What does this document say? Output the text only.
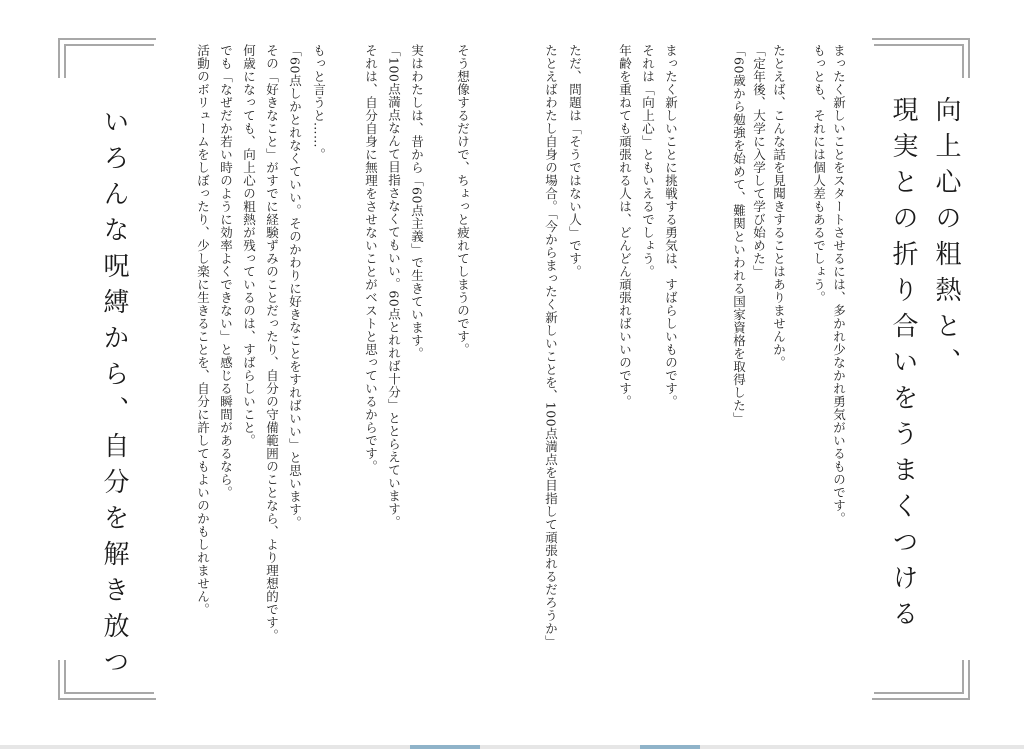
向上心の粗熱と、
現実との折り合いをうまくつける
いろんな呪縛から、自分を解き放つ	まったく新しいことをスタートさせるには、多かれ少なかれ勇気がいるものです。
もっとも、それには個人差もあるでしょう。
たとえば、こんな話を見聞きすることはありませんか。
「定年後、大学に入学して学び始めた」
「60歳から勉強を始めて、難関といわれる国家資格を取得した」
まったく新しいことに挑戦する勇気は、すばらしいものです。
それは「向上心」ともいえるでしょう。
年齢を重ねても頑張れる人は、どんどん頑張ればいいのです。
ただ、問題は「そうではない人」です。
たとえばわたし自身の場合。「今からまったく新しいことを、100点満点を目指して頑張れるだろうか」
そう想像するだけで、ちょっと疲れてしまうのです。
実はわたしは、昔から「60点主義」で生きています。
「100点満点なんて目指さなくてもいい。60点とれれば十分」ととらえています。
それは、自分自身に無理をさせないことがベストと思っているからです。
もっと言うと……。
「60点しかとれなくていい。そのかわりに好きなことをすればいい」と思います。
その「好きなこと」がすでに経験ずみのことだったり、自分の守備範囲のことなら、より理想的です。
何歳になっても、向上心の粗熱が残っているのは、すばらしいこと。
でも「なぜだか若い時のように効率よくできない」と感じる瞬間があるなら。
活動のボリュームをしぼったり、少し楽に生きることを、自分に許してもよいのかもしれません。
